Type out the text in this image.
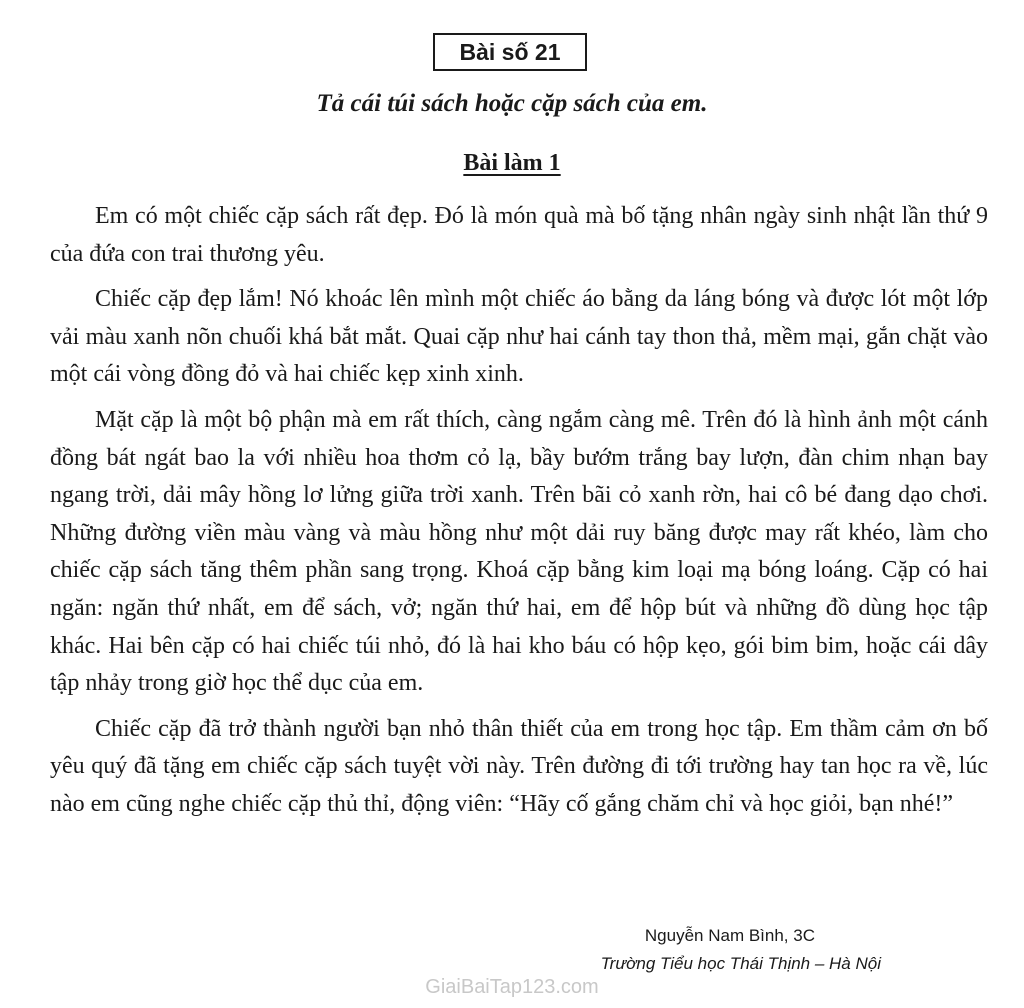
Bài số 21
Tả cái túi sách hoặc cặp sách của em.
Bài làm 1

Em có một chiếc cặp sách rất đẹp. Đó là món quà mà bố tặng nhân ngày sinh nhật lần thứ 9 của đứa con trai thương yêu.

Chiếc cặp đẹp lắm! Nó khoác lên mình một chiếc áo bằng da láng bóng và được lót một lớp vải màu xanh nõn chuối khá bắt mắt. Quai cặp như hai cánh tay thon thả, mềm mại, gắn chặt vào một cái vòng đồng đỏ và hai chiếc kẹp xinh xinh.

Mặt cặp là một bộ phận mà em rất thích, càng ngắm càng mê. Trên đó là hình ảnh một cánh đồng bát ngát bao la với nhiều hoa thơm cỏ lạ, bầy bướm trắng bay lượn, đàn chim nhạn bay ngang trời, dải mây hồng lơ lửng giữa trời xanh. Trên bãi cỏ xanh rờn, hai cô bé đang dạo chơi. Những đường viền màu vàng và màu hồng như một dải ruy băng được may rất khéo, làm cho chiếc cặp sách tăng thêm phần sang trọng. Khoá cặp bằng kim loại mạ bóng loáng. Cặp có hai ngăn: ngăn thứ nhất, em để sách, vở; ngăn thứ hai, em để hộp bút và những đồ dùng học tập khác. Hai bên cặp có hai chiếc túi nhỏ, đó là hai kho báu có hộp kẹo, gói bim bim, hoặc cái dây tập nhảy trong giờ học thể dục của em.

Chiếc cặp đã trở thành người bạn nhỏ thân thiết của em trong học tập. Em thầm cảm ơn bố yêu quý đã tặng em chiếc cặp sách tuyệt vời này. Trên đường đi tới trường hay tan học ra về, lúc nào em cũng nghe chiếc cặp thủ thỉ, động viên: “Hãy cố gắng chăm chỉ và học giỏi, bạn nhé!”

Nguyễn Nam Bình, 3C
Trường Tiểu học Thái Thịnh – Hà Nội
GiaiBaiTap123.com
